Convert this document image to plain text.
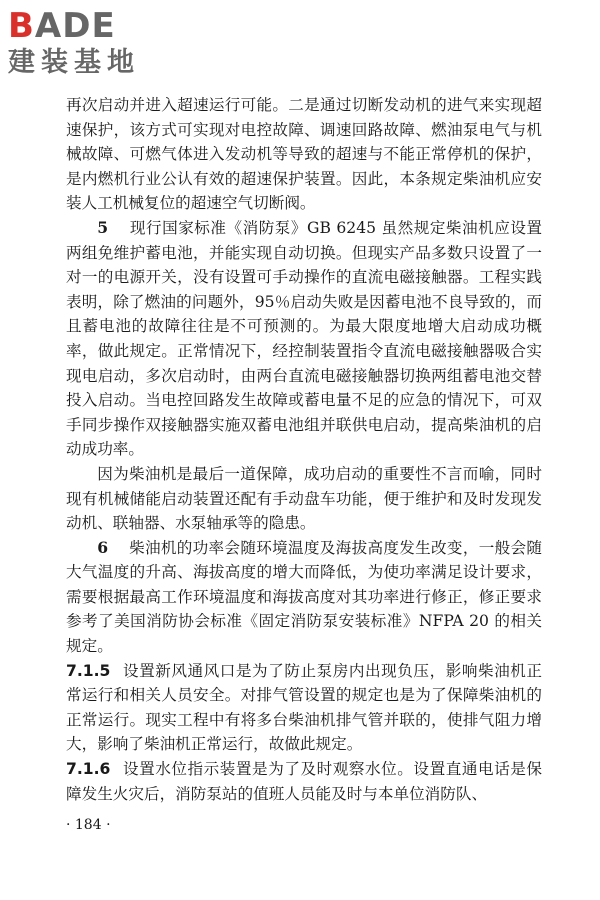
BADE
建装基地

再次启动并进入超速运行可能。二是通过切断发动机的进气来实现超速保护，该方式可实现对电控故障、调速回路故障、燃油泵电气与机械故障、可燃气体进入发动机等导致的超速与不能正常停机的保护，是内燃机行业公认有效的超速保护装置。因此，本条规定柴油机应安装人工机械复位的超速空气切断阀。

5 现行国家标准《消防泵》GB 6245 虽然规定柴油机应设置两组免维护蓄电池，并能实现自动切换。但现实产品多数只设置了一对一的电源开关，没有设置可手动操作的直流电磁接触器。工程实践表明，除了燃油的问题外，95％启动失败是因蓄电池不良导致的，而且蓄电池的故障往往是不可预测的。为最大限度地增大启动成功概率，做此规定。正常情况下，经控制装置指令直流电磁接触器吸合实现电启动，多次启动时，由两台直流电磁接触器切换两组蓄电池交替投入启动。当电控回路发生故障或蓄电量不足的应急的情况下，可双手同步操作双接触器实施双蓄电池组并联供电启动，提高柴油机的启动成功率。

因为柴油机是最后一道保障，成功启动的重要性不言而喻，同时现有机械储能启动装置还配有手动盘车功能，便于维护和及时发现发动机、联轴器、水泵轴承等的隐患。

6 柴油机的功率会随环境温度及海拔高度发生改变，一般会随大气温度的升高、海拔高度的增大而降低，为使功率满足设计要求，需要根据最高工作环境温度和海拔高度对其功率进行修正，修正要求参考了美国消防协会标准《固定消防泵安装标准》NFPA 20 的相关规定。

7.1.5 设置新风通风口是为了防止泵房内出现负压，影响柴油机正常运行和相关人员安全。对排气管设置的规定也是为了保障柴油机的正常运行。现实工程中有将多台柴油机排气管并联的，使排气阻力增大，影响了柴油机正常运行，故做此规定。

7.1.6 设置水位指示装置是为了及时观察水位。设置直通电话是保障发生火灾后，消防泵站的值班人员能及时与本单位消防队、

· 184 ·
